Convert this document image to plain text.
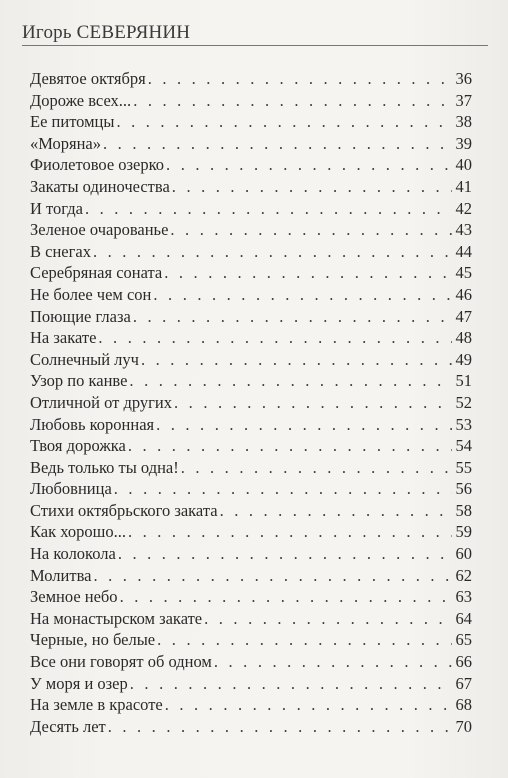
Игорь СЕВЕРЯНИН
Девятое октября . . .	36
Дороже всех... . . .	37
Ее питомцы . . .	38
«Моряна» . . .	39
Фиолетовое озерко . . .	40
Закаты одиночества . . .	41
И тогда . . .	42
Зеленое очарованье . . .	43
В снегах . . .	44
Серебряная соната . . .	45
Не более чем сон . . .	46
Поющие глаза . . .	47
На закате . . .	48
Солнечный луч . . .	49
Узор по канве . . .	51
Отличной от других . . .	52
Любовь коронная . . .	53
Твоя дорожка . . .	54
Ведь только ты одна! . . .	55
Любовница . . .	56
Стихи октябрьского заката . . .	58
Как хорошо... . . .	59
На колокола . . .	60
Молитва . . .	62
Земное небо . . .	63
На монастырском закате . . .	64
Черные, но белые . . .	65
Все они говорят об одном . . .	66
У моря и озер . . .	67
На земле в красоте . . .	68
Десять лет . . .	70
